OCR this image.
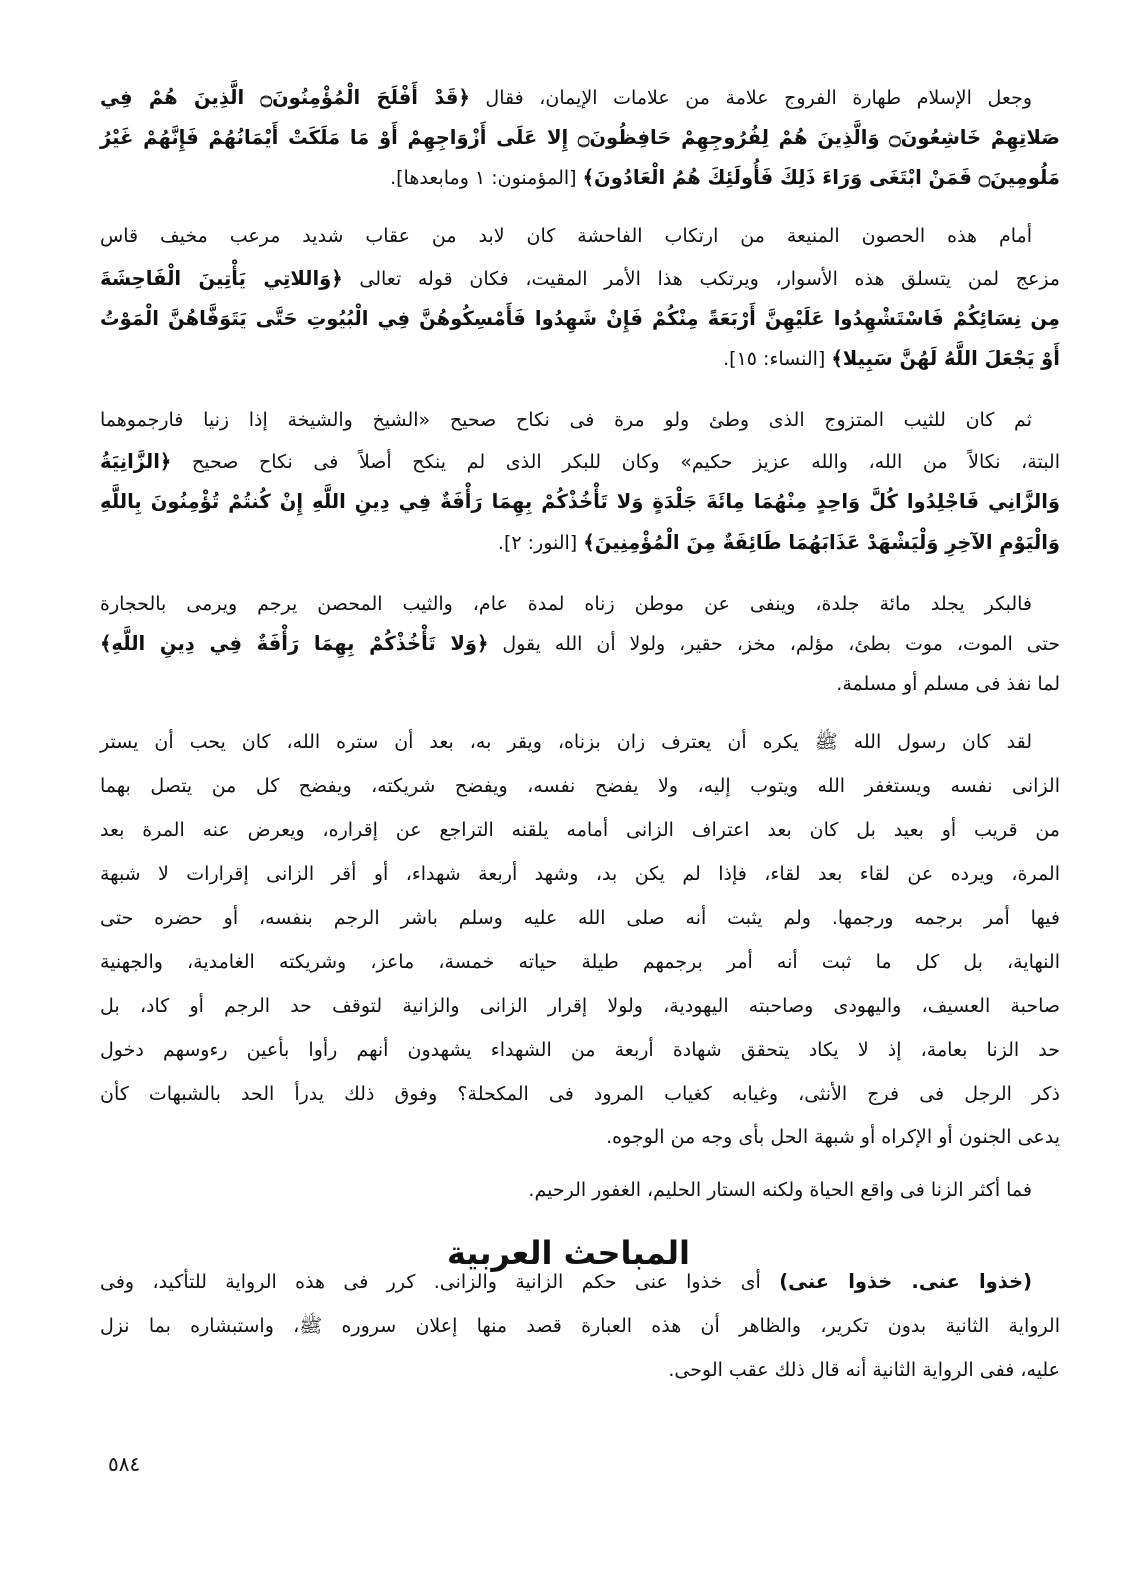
وجعل الإسلام طهارة الفروج علامة من علامات الإيمان، فقال ﴿قَدْ أَفْلَحَ الْمُؤْمِنُونَ۝ الَّذِينَ هُمْ فِي
صَلاتِهِمْ خَاشِعُونَ۝ وَالَّذِينَ هُمْ لِفُرُوجِهِمْ حَافِظُونَ۝ إِلا عَلَى أَزْوَاجِهِمْ أَوْ مَا مَلَكَتْ أَيْمَانُهُمْ فَإِنَّهُمْ غَيْرُ
مَلُومِينَ۝ فَمَنْ ابْتَغَى وَرَاءَ ذَلِكَ فَأُولَئِكَ هُمُ الْعَادُونَ﴾ [المؤمنون: ١ ومابعدها].
أمام هذه الحصون المنيعة من ارتكاب الفاحشة كان لابد من عقاب شديد مرعب مخيف قاس
مزعج لمن يتسلق هذه الأسوار، ويرتكب هذا الأمر المقيت، فكان قوله تعالى ﴿وَاللاتِي يَأْتِينَ الْفَاحِشَةَ
مِن نِسَائِكُمْ فَاسْتَشْهِدُوا عَلَيْهِنَّ أَرْبَعَةً مِنْكُمْ فَإِنْ شَهِدُوا فَأَمْسِكُوهُنَّ فِي الْبُيُوتِ حَتَّى يَتَوَفَّاهُنَّ الْمَوْتُ
أَوْ يَجْعَلَ اللَّهُ لَهُنَّ سَبِيلا﴾ [النساء: ١٥].
ثم كان للثيب المتزوج الذى وطئ ولو مرة فى نكاح صحيح «الشيخ والشيخة إذا زنيا فارجموهما
البتة، نكالاً من الله، والله عزيز حكيم» وكان للبكر الذى لم ينكح أصلاً فى نكاح صحيح ﴿الزَّانِيَةُ
وَالزَّانِي فَاجْلِدُوا كُلَّ وَاحِدٍ مِنْهُمَا مِائَةَ جَلْدَةٍ وَلا تَأْخُذْكُمْ بِهِمَا رَأْفَةٌ فِي دِينِ اللَّهِ إِنْ كُنتُمْ تُؤْمِنُونَ بِاللَّهِ
وَالْيَوْمِ الآخِرِ وَلْيَشْهَدْ عَذَابَهُمَا طَائِفَةٌ مِنَ الْمُؤْمِنِينَ﴾ [النور: ٢].
فالبكر يجلد مائة جلدة، وينفى عن موطن زناه لمدة عام، والثيب المحصن يرجم ويرمى بالحجارة
حتى الموت، موت بطئ، مؤلم، مخز، حقير، ولولا أن الله يقول ﴿وَلا تَأْخُذْكُمْ بِهِمَا رَأْفَةٌ فِي دِينِ اللَّهِ﴾
لما نفذ فى مسلم أو مسلمة.
لقد كان رسول الله ﷺ يكره أن يعترف زان بزناه، ويقر به، بعد أن ستره الله، كان يحب أن يستر
الزانى نفسه ويستغفر الله ويتوب إليه، ولا يفضح نفسه، ويفضح شريكته، ويفضح كل من يتصل بهما
من قريب أو بعيد بل كان بعد اعتراف الزانى أمامه يلقنه التراجع عن إقراره، ويعرض عنه المرة بعد
المرة، ويرده عن لقاء بعد لقاء، فإذا لم يكن بد، وشهد أربعة شهداء، أو أقر الزانى إقرارات لا شبهة
فيها أمر برجمه ورجمها. ولم يثبت أنه صلى الله عليه وسلم باشر الرجم بنفسه، أو حضره حتى
النهاية، بل كل ما ثبت أنه أمر برجمهم طيلة حياته خمسة، ماعز، وشريكته الغامدية، والجهنية
صاحبة العسيف، واليهودى وصاحبته اليهودية، ولولا إقرار الزانى والزانية لتوقف حد الرجم أو كاد، بل
حد الزنا بعامة، إذ لا يكاد يتحقق شهادة أربعة من الشهداء يشهدون أنهم رأوا بأعين رءوسهم دخول
ذكر الرجل فى فرج الأنثى، وغيابه كغياب المرود فى المكحلة؟ وفوق ذلك يدرأ الحد بالشبهات كأن
يدعى الجنون أو الإكراه أو شبهة الحل بأى وجه من الوجوه.
فما أكثر الزنا فى واقع الحياة ولكنه الستار الحليم، الغفور الرحيم.
(خذوا عنى. خذوا عنى) أى خذوا عنى حكم الزانية والزانى. كرر فى هذه الرواية للتأكيد، وفى
الرواية الثانية بدون تكرير، والظاهر أن هذه العبارة قصد منها إعلان سروره ﷺ، واستبشاره بما نزل
عليه، ففى الرواية الثانية أنه قال ذلك عقب الوحى.
المباحث العربية
٥٨٤
